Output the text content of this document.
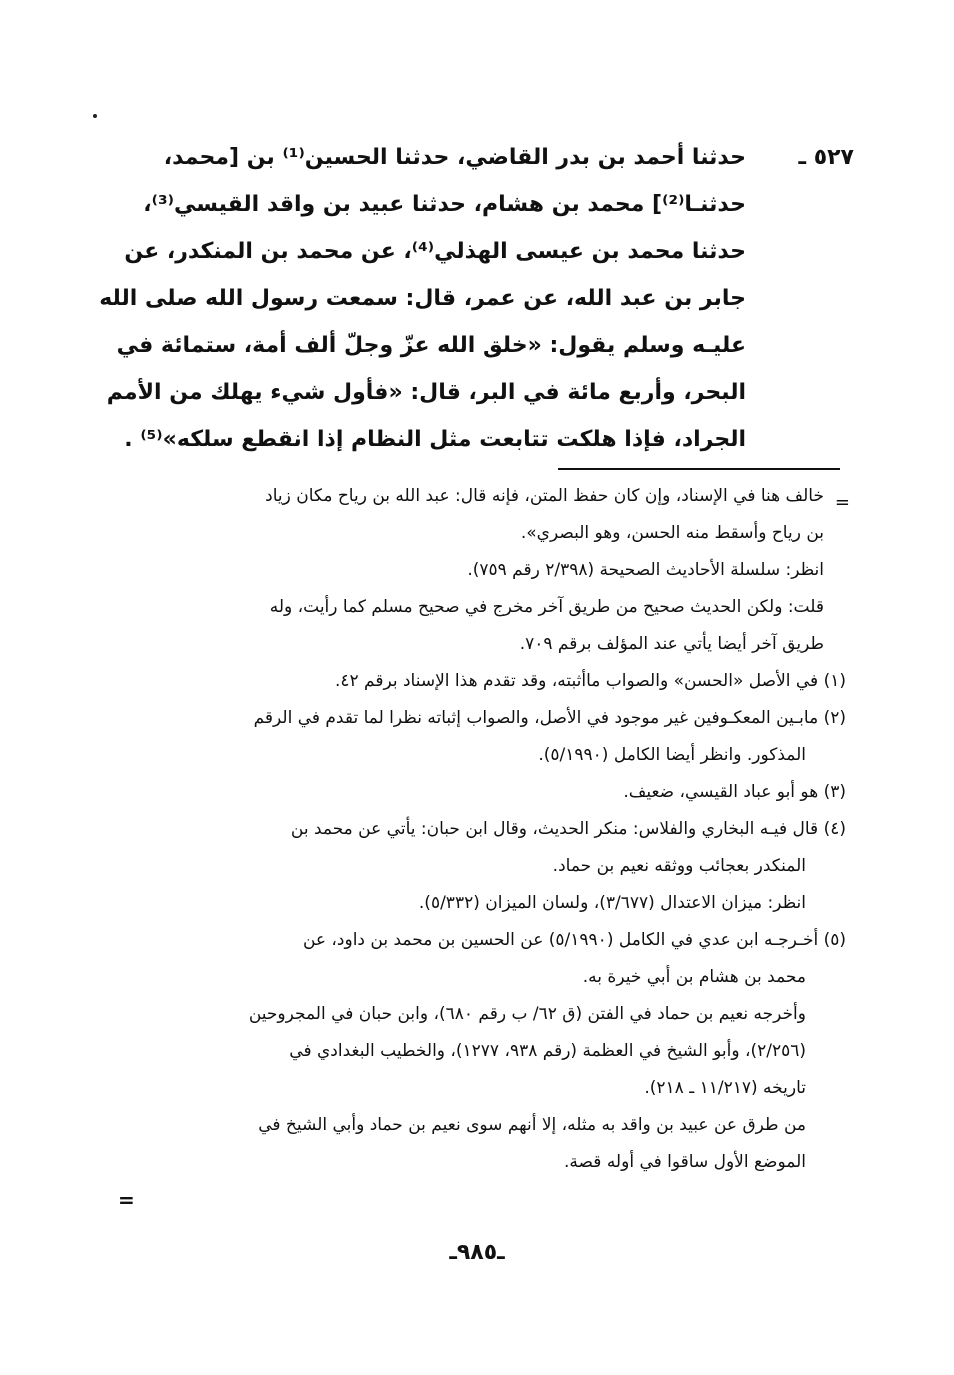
٥٢٧ ـ
حدثنا أحمد بن بدر القاضي، حدثنا الحسين⁽¹⁾ بن [محمد،
حدثنـا⁽²⁾] محمد بن هشام، حدثنا عبيد بن واقد القيسي⁽³⁾،
حدثنا محمد بن عيسى الهذلي⁽⁴⁾، عن محمد بن المنكدر، عن
جابر بن عبد الله، عن عمر، قال: سمعت رسول الله صلى الله
عليـه وسلم يقول: «خلق الله عزّ وجلّ ألف أمة، ستمائة في
البحر، وأربع مائة في البر، قال: «فأول شيء يهلك من الأمم
الجراد، فإذا هلكت تتابعت مثل النظام إذا انقطع سلكه»⁽⁵⁾ .
=
خالف هنا في الإسناد، وإن كان حفظ المتن، فإنه قال: عبد الله بن رياح مكان زياد
بن رياح وأسقط منه الحسن، وهو البصري».
انظر: سلسلة الأحاديث الصحيحة (٢/٣٩٨ رقم ٧٥٩).
قلت: ولكن الحديث صحيح من طريق آخر مخرج في صحيح مسلم كما رأيت، وله
طريق آخر أيضا يأتي عند المؤلف برقم ٧٠٩.
(١) في الأصل «الحسن» والصواب ماأثبته، وقد تقدم هذا الإسناد برقم ٤٢.
(٢) مابـين المعكـوفين غير موجود في الأصل، والصواب إثباته نظرا لما تقدم في الرقم
المذكور. وانظر أيضا الكامل (٥/١٩٩٠).
(٣) هو أبو عباد القيسي، ضعيف.
(٤) قال فيـه البخاري والفلاس: منكر الحديث، وقال ابن حبان: يأتي عن محمد بن
المنكدر بعجائب ووثقه نعيم بن حماد.
انظر: ميزان الاعتدال (٣/٦٧٧)، ولسان الميزان (٥/٣٣٢).
(٥) أخـرجـه ابن عدي في الكامل (٥/١٩٩٠) عن الحسين بن محمد بن داود، عن
محمد بن هشام بن أبي خيرة به.
وأخرجه نعيم بن حماد في الفتن (ق ٦٢/ ب رقم ٦٨٠)، وابن حبان في المجروحين
(٢/٢٥٦)، وأبو الشيخ في العظمة (رقم ٩٣٨، ١٢٧٧)، والخطيب البغدادي في
تاريخه (١١/٢١٧ ـ ٢١٨).
من طرق عن عبيد بن واقد به مثله، إلا أنهم سوى نعيم بن حماد وأبي الشيخ في
الموضع الأول ساقوا في أوله قصة.
=
ـ٩٨٥ـ
